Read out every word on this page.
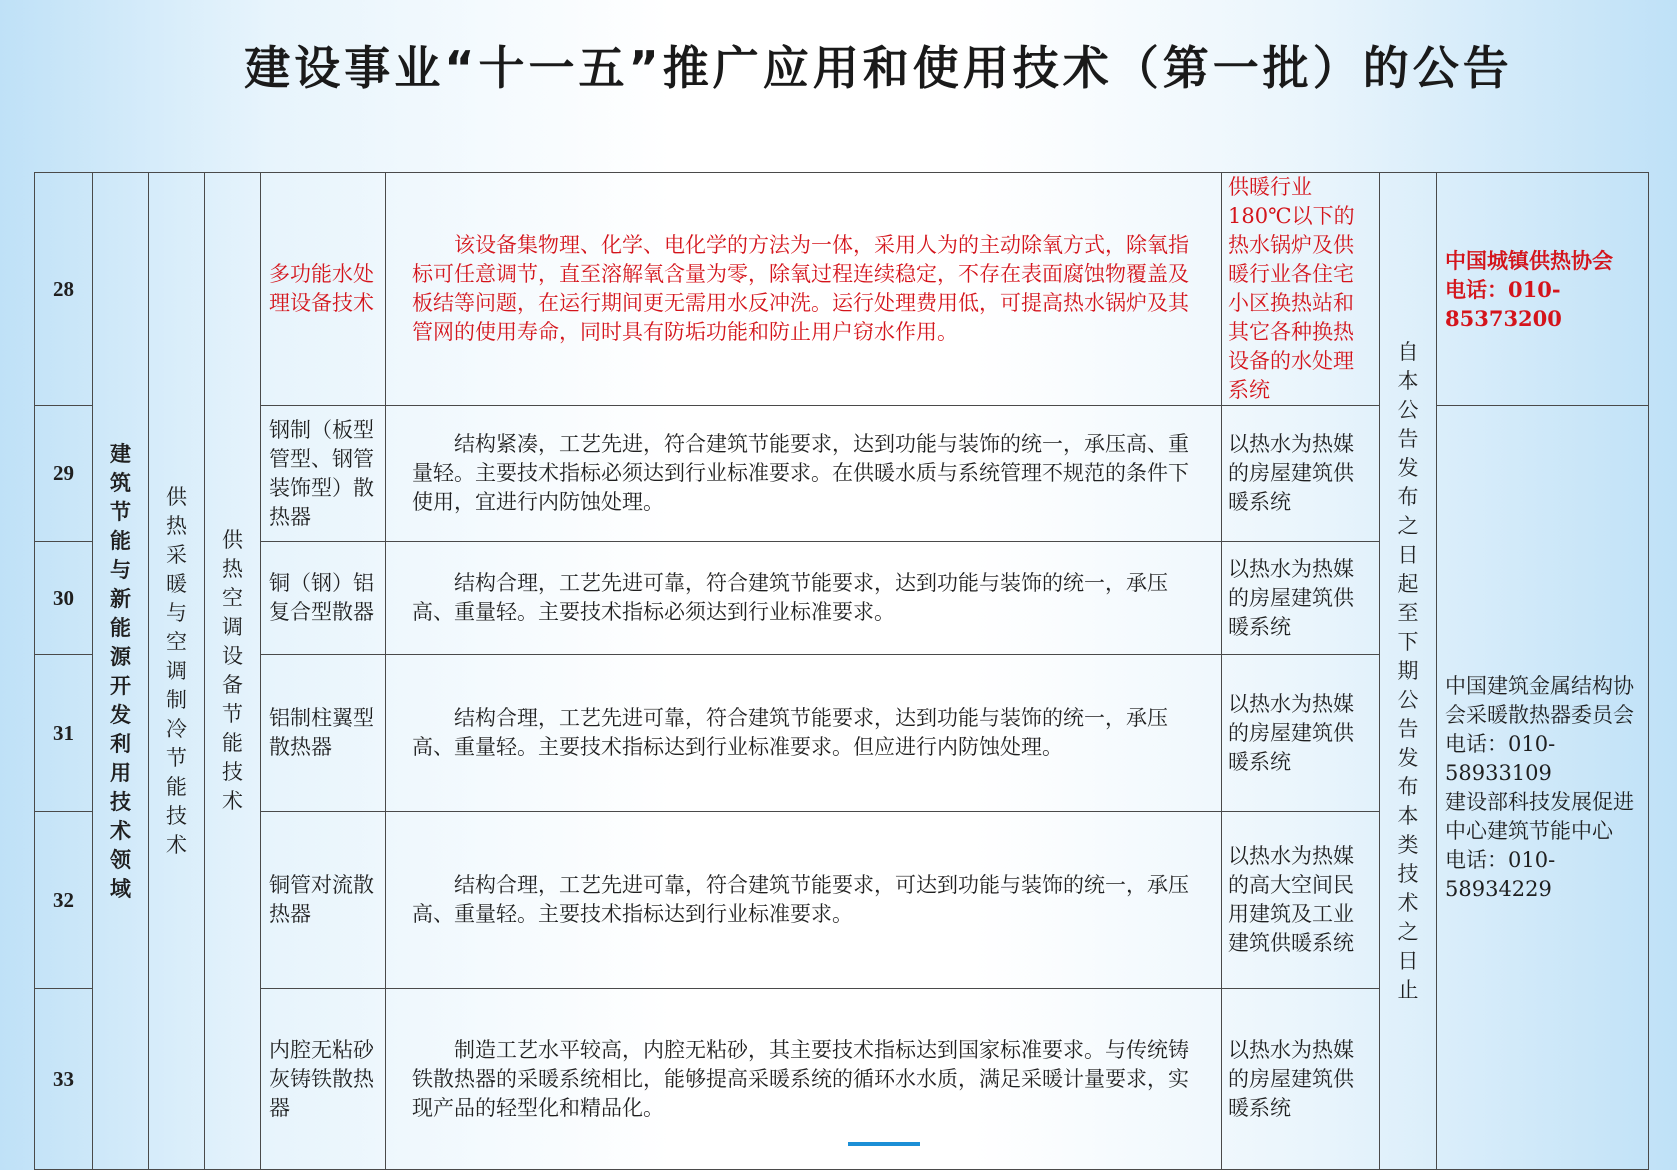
建设事业“十一五”推广应用和使用技术（第一批）的公告
28	建筑节能与新能源开发利用技术领域	供热采暖与空调制冷节能技术	供热空调设备节能技术	多功能水处理设备技术	该设备集物理、化学、电化学的方法为一体，采用人为的主动除氧方式，除氧指标可任意调节，直至溶解氧含量为零，除氧过程连续稳定，不存在表面腐蚀物覆盖及板结等问题，在运行期间更无需用水反冲洗。运行处理费用低，可提高热水锅炉及其管网的使用寿命，同时具有防垢功能和防止用户窃水作用。	供暖行业180℃以下的热水锅炉及供暖行业各住宅小区换热站和其它各种换热设备的水处理系统	自本公告发布之日起至下期公告发布本类技术之日止	中国城镇供热协会
电话：010-85373200

29				钢制（板型管型、钢管装饰型）散热器	结构紧凑，工艺先进，符合建筑节能要求，达到功能与装饰的统一，承压高、重量轻。主要技术指标必须达到行业标准要求。在供暖水质与系统管理不规范的条件下使用，宜进行内防蚀处理。	以热水为热媒的房屋建筑供暖系统		中国建筑金属结构协会采暖散热器委员会
电话：010-58933109
建设部科技发展促进中心建筑节能中心
电话：010-58934229

30				铜（钢）铝复合型散器	结构合理，工艺先进可靠，符合建筑节能要求，达到功能与装饰的统一，承压高、重量轻。主要技术指标必须达到行业标准要求。	以热水为热媒的房屋建筑供暖系统		
31				铝制柱翼型散热器	结构合理，工艺先进可靠，符合建筑节能要求，达到功能与装饰的统一，承压高、重量轻。主要技术指标达到行业标准要求。但应进行内防蚀处理。	以热水为热媒的房屋建筑供暖系统		
32				铜管对流散热器	结构合理，工艺先进可靠，符合建筑节能要求，可达到功能与装饰的统一，承压高、重量轻。主要技术指标达到行业标准要求。	以热水为热媒的高大空间民用建筑及工业建筑供暖系统		
33				内腔无粘砂灰铸铁散热器	制造工艺水平较高，内腔无粘砂，其主要技术指标达到国家标准要求。与传统铸铁散热器的采暖系统相比，能够提高采暖系统的循环水水质，满足采暖计量要求，实现产品的轻型化和精品化。	以热水为热媒的房屋建筑供暖系统		
